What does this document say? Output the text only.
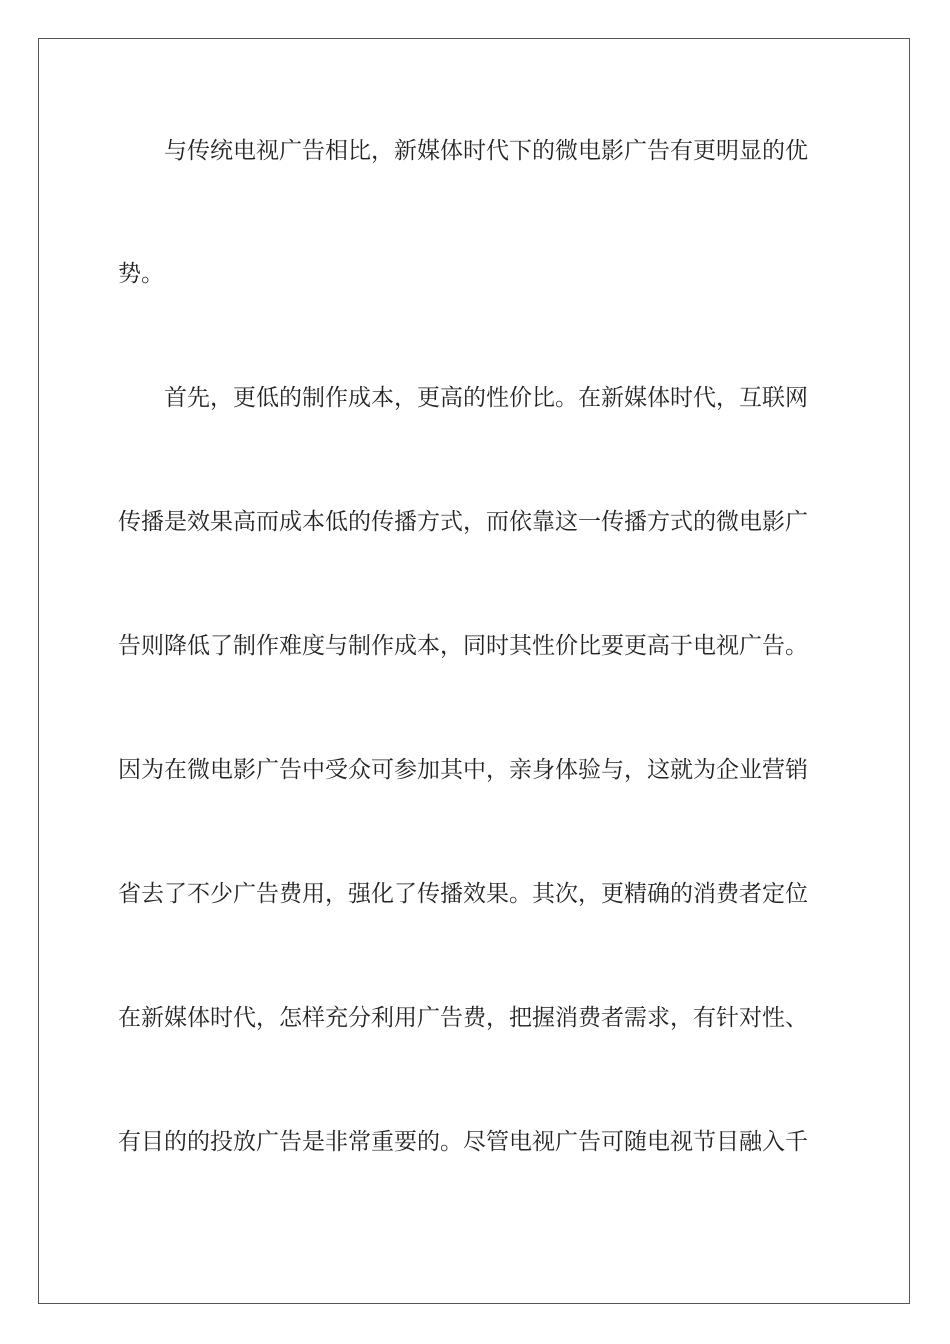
与传统电视广告相比，新媒体时代下的微电影广告有更明显的优
势。
首先，更低的制作成本，更高的性价比。在新媒体时代，互联网
传播是效果高而成本低的传播方式，而依靠这一传播方式的微电影广
告则降低了制作难度与制作成本，同时其性价比要更高于电视广告。
因为在微电影广告中受众可参加其中，亲身体验与，这就为企业营销
省去了不少广告费用，强化了传播效果。其次，更精确的消费者定位
在新媒体时代，怎样充分利用广告费，把握消费者需求，有针对性、
有目的的投放广告是非常重要的。尽管电视广告可随电视节目融入千
